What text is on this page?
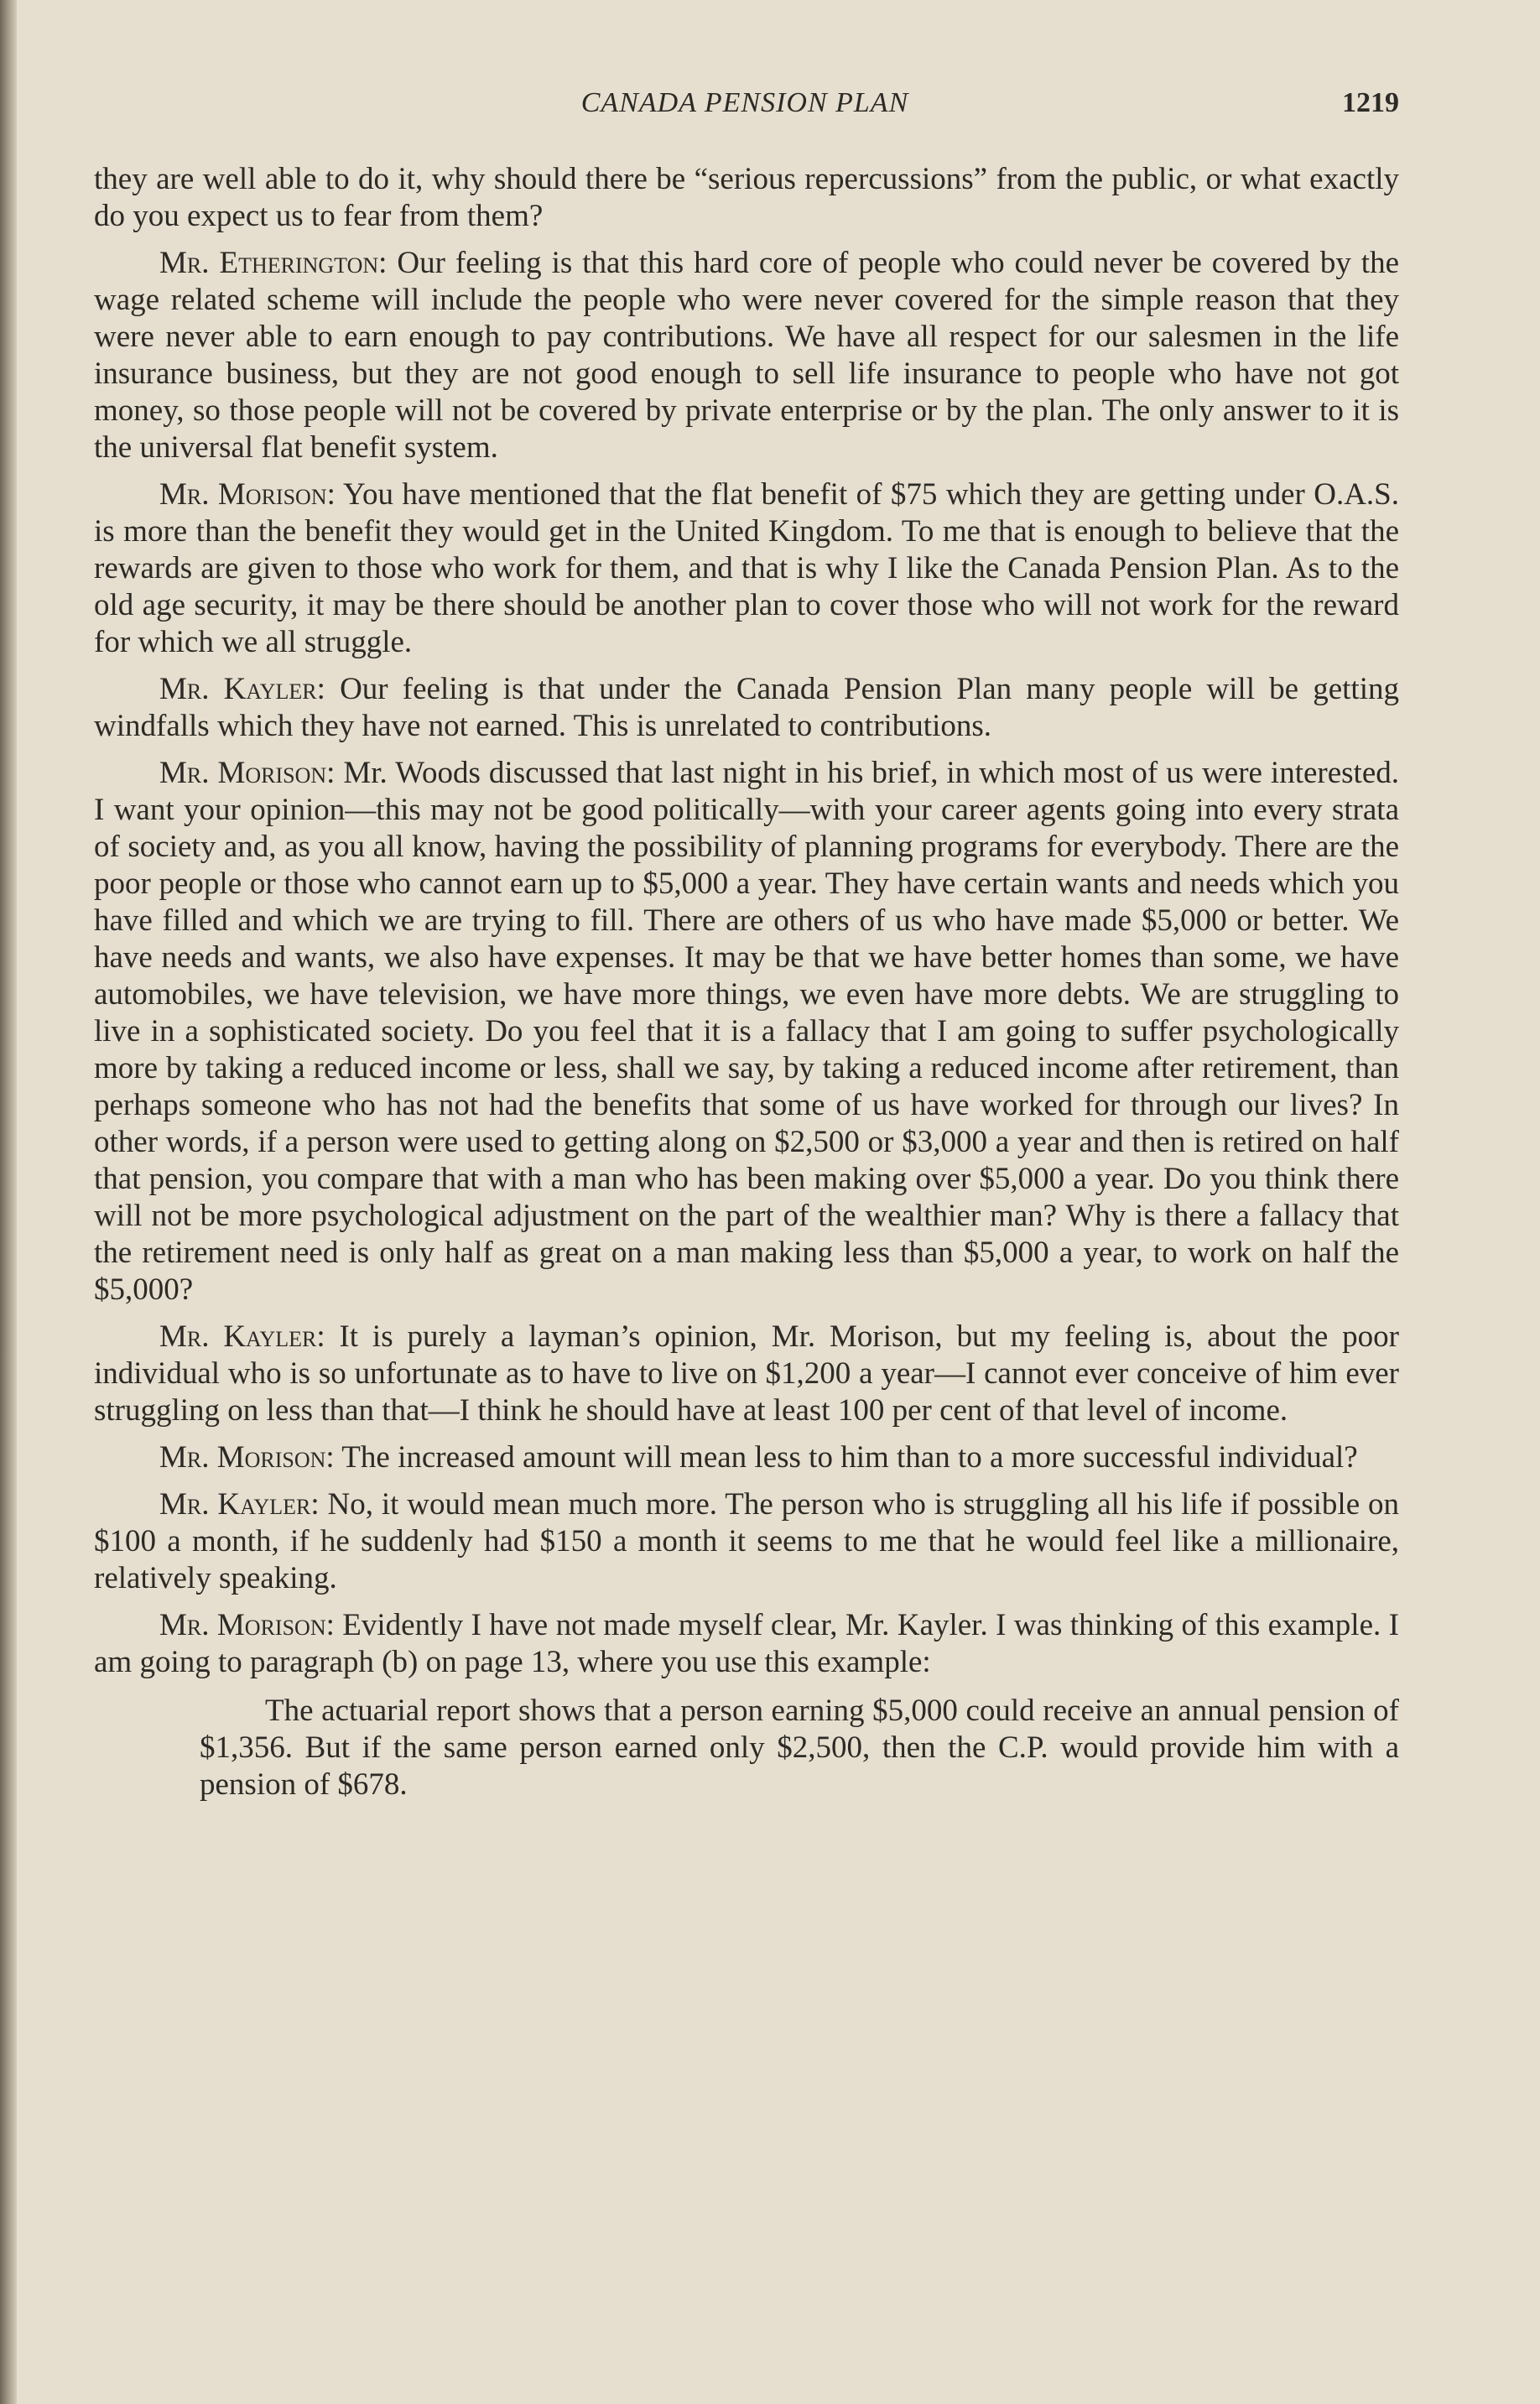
CANADA PENSION PLAN	1219

they are well able to do it, why should there be “serious repercussions” from the public, or what exactly do you expect us to fear from them?

Mr. Etherington: Our feeling is that this hard core of people who could never be covered by the wage related scheme will include the people who were never covered for the simple reason that they were never able to earn enough to pay contributions. We have all respect for our salesmen in the life insurance business, but they are not good enough to sell life insurance to people who have not got money, so those people will not be covered by private enterprise or by the plan. The only answer to it is the universal flat benefit system.

Mr. Morison: You have mentioned that the flat benefit of $75 which they are getting under O.A.S. is more than the benefit they would get in the United Kingdom. To me that is enough to believe that the rewards are given to those who work for them, and that is why I like the Canada Pension Plan. As to the old age security, it may be there should be another plan to cover those who will not work for the reward for which we all struggle.

Mr. Kayler: Our feeling is that under the Canada Pension Plan many people will be getting windfalls which they have not earned. This is unrelated to contributions.

Mr. Morison: Mr. Woods discussed that last night in his brief, in which most of us were interested. I want your opinion—this may not be good politically—with your career agents going into every strata of society and, as you all know, having the possibility of planning programs for everybody. There are the poor people or those who cannot earn up to $5,000 a year. They have certain wants and needs which you have filled and which we are trying to fill. There are others of us who have made $5,000 or better. We have needs and wants, we also have expenses. It may be that we have better homes than some, we have automobiles, we have television, we have more things, we even have more debts. We are struggling to live in a sophisticated society. Do you feel that it is a fallacy that I am going to suffer psychologically more by taking a reduced income or less, shall we say, by taking a reduced income after retirement, than perhaps someone who has not had the benefits that some of us have worked for through our lives? In other words, if a person were used to getting along on $2,500 or $3,000 a year and then is retired on half that pension, you compare that with a man who has been making over $5,000 a year. Do you think there will not be more psychological adjustment on the part of the wealthier man? Why is there a fallacy that the retirement need is only half as great on a man making less than $5,000 a year, to work on half the $5,000?

Mr. Kayler: It is purely a layman’s opinion, Mr. Morison, but my feeling is, about the poor individual who is so unfortunate as to have to live on $1,200 a year—I cannot ever conceive of him ever struggling on less than that—I think he should have at least 100 per cent of that level of income.

Mr. Morison: The increased amount will mean less to him than to a more successful individual?

Mr. Kayler: No, it would mean much more. The person who is struggling all his life if possible on $100 a month, if he suddenly had $150 a month it seems to me that he would feel like a millionaire, relatively speaking.

Mr. Morison: Evidently I have not made myself clear, Mr. Kayler. I was thinking of this example. I am going to paragraph (b) on page 13, where you use this example:

The actuarial report shows that a person earning $5,000 could receive an annual pension of $1,356. But if the same person earned only $2,500, then the C.P. would provide him with a pension of $678.
